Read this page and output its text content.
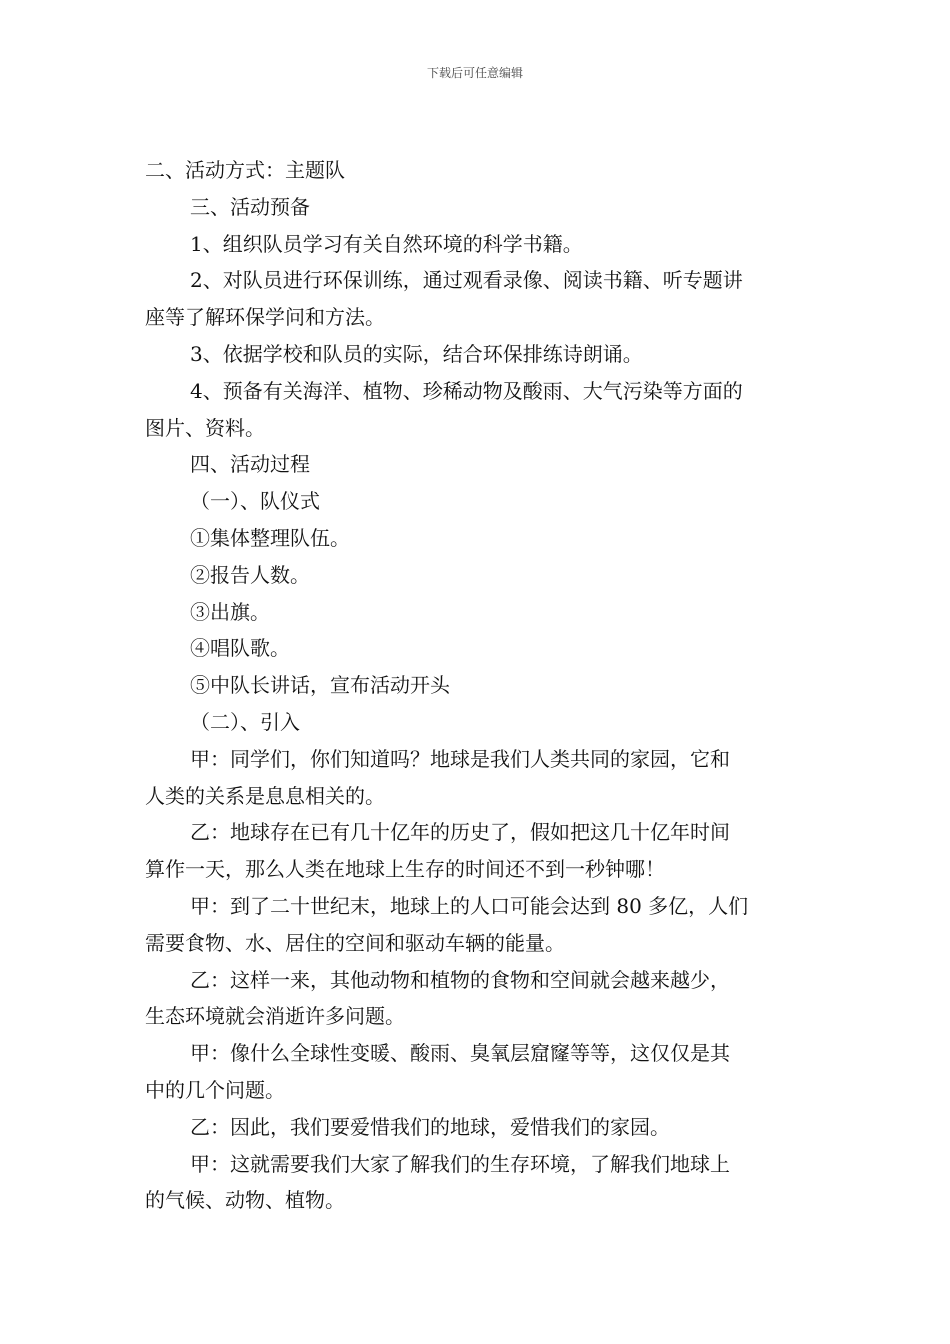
下载后可任意编辑

二、活动方式：主题队

三、活动预备

1、组织队员学习有关自然环境的科学书籍。

2、对队员进行环保训练，通过观看录像、阅读书籍、听专题讲

座等了解环保学问和方法。

3、依据学校和队员的实际，结合环保排练诗朗诵。

4、预备有关海洋、植物、珍稀动物及酸雨、大气污染等方面的

图片、资料。

四、活动过程

（一）、队仪式

①集体整理队伍。

②报告人数。

③出旗。

④唱队歌。

⑤中队长讲话，宣布活动开头

（二）、引入

甲：同学们，你们知道吗？地球是我们人类共同的家园，它和

人类的关系是息息相关的。

乙：地球存在已有几十亿年的历史了，假如把这几十亿年时间

算作一天，那么人类在地球上生存的时间还不到一秒钟哪！

甲：到了二十世纪末，地球上的人口可能会达到 80 多亿，人们

需要食物、水、居住的空间和驱动车辆的能量。

乙：这样一来，其他动物和植物的食物和空间就会越来越少，

生态环境就会消逝许多问题。

甲：像什么全球性变暖、酸雨、臭氧层窟窿等等，这仅仅是其

中的几个问题。

乙：因此，我们要爱惜我们的地球，爱惜我们的家园。

甲：这就需要我们大家了解我们的生存环境，了解我们地球上

的气候、动物、植物。
